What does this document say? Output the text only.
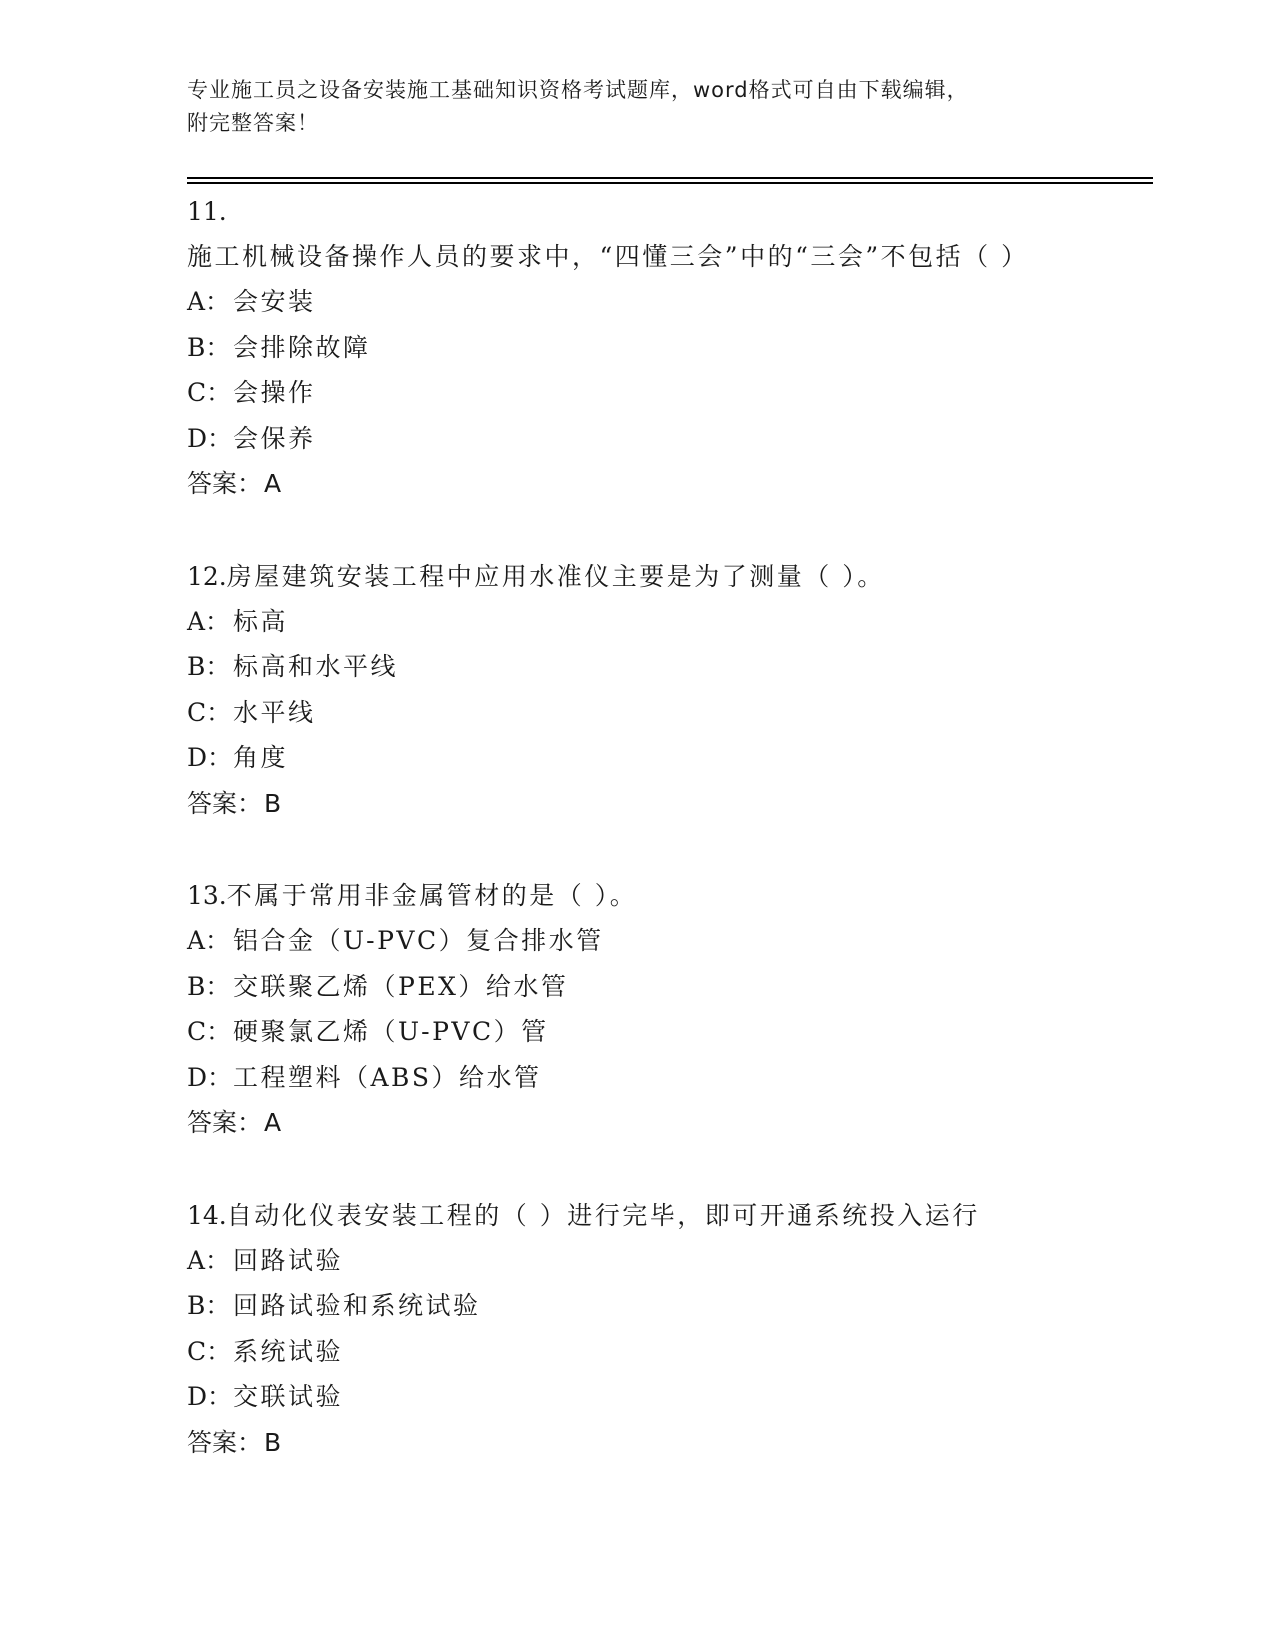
专业施工员之设备安装施工基础知识资格考试题库，word格式可自由下载编辑，
附完整答案！
11.施工机械设备操作人员的要求中，“四懂三会”中的“三会”不包括（ ）
A： 会安装
B： 会排除故障
C：会操作
D：会保养
答案：A
12.房屋建筑安装工程中应用水准仪主要是为了测量（ ）。
A： 标高
B： 标高和水平线
C：水平线
D：角度
答案：B
13.不属于常用非金属管材的是（ ）。
A： 铝合金（U-PVC）复合排水管
B： 交联聚乙烯（PEX）给水管
C：硬聚氯乙烯（U-PVC）管
D：工程塑料（ABS）给水管
答案：A
14.自动化仪表安装工程的（ ）进行完毕，即可开通系统投入运行
A： 回路试验
B： 回路试验和系统试验
C：系统试验
D：交联试验
答案：B
